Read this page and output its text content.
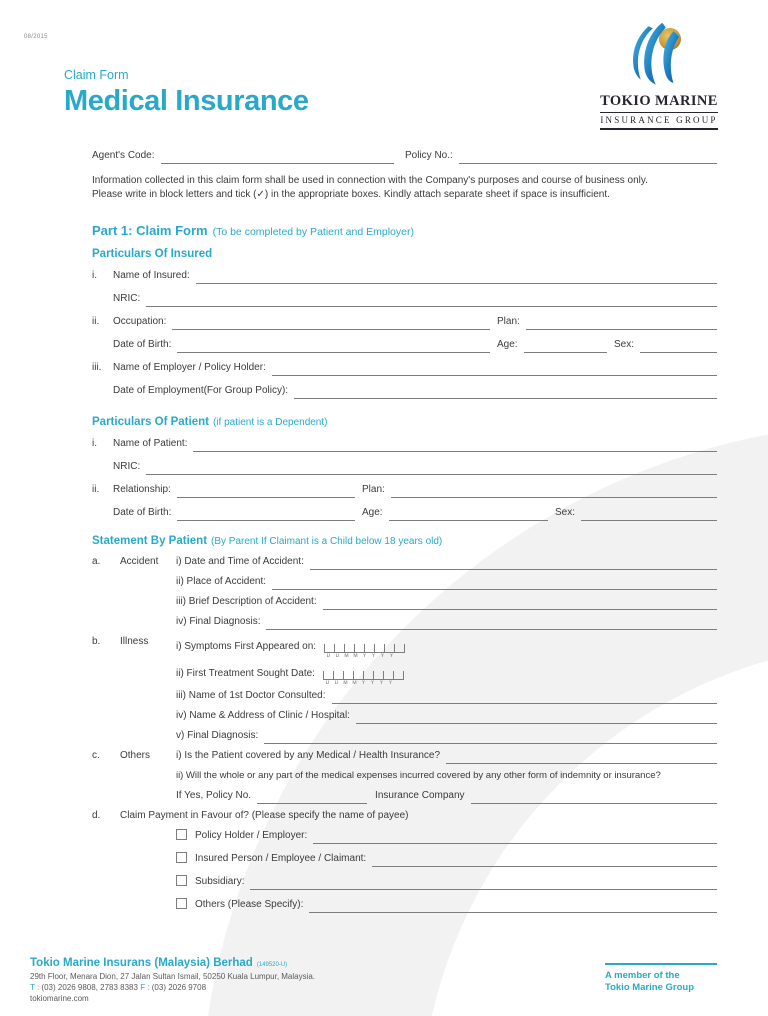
08/2015
Claim Form
Medical Insurance	TOKIO MARINE
INSURANCE GROUP
Agent's Code:	Policy No.:
Information collected in this claim form shall be used in connection with the Company's purposes and course of business only.
Please write in block letters and tick (✓) in the appropriate boxes. Kindly attach separate sheet if space is insufficient.
Part 1: Claim Form (To be completed by Patient and Employer)
Particulars Of Insured
i.	Name of Insured:
NRIC:
ii.	Occupation:	Plan:
Date of Birth:	Age:	Sex:
iii.	Name of Employer / Policy Holder:
Date of Employment(For Group Policy):
Particulars Of Patient (if patient is a Dependent)
i.	Name of Patient:
NRIC:
ii.	Relationship:	Plan:
Date of Birth:	Age:	Sex:
Statement By Patient (By Parent If Claimant is a Child below 18 years old)
a.	Accident	i) Date and Time of Accident:
ii) Place of Accident:
iii) Brief Description of Accident:
iv) Final Diagnosis:
b.	Illness	i) Symptoms First Appeared on:
D D M M Y Y Y Y
ii) First Treatment Sought Date:
D D M M Y Y Y Y
iii) Name of 1st Doctor Consulted:
iv) Name & Address of Clinic / Hospital:
v) Final Diagnosis:
c.	Others	i) Is the Patient covered by any Medical / Health Insurance?
ii) Will the whole or any part of the medical expenses incurred covered by any other form of indemnity or insurance?
If Yes, Policy No.	Insurance Company
d.	Claim Payment in Favour of? (Please specify the name of payee)
Policy Holder / Employer:
Insured Person / Employee / Claimant:
Subsidiary:
Others (Please Specify):
Tokio Marine Insurans (Malaysia) Berhad (149520-U)
29th Floor, Menara Dion, 27 Jalan Sultan Ismail, 50250 Kuala Lumpur, Malaysia.
T : (03) 2026 9808, 2783 8383 F : (03) 2026 9708
tokiomarine.com
A member of the
Tokio Marine Group
